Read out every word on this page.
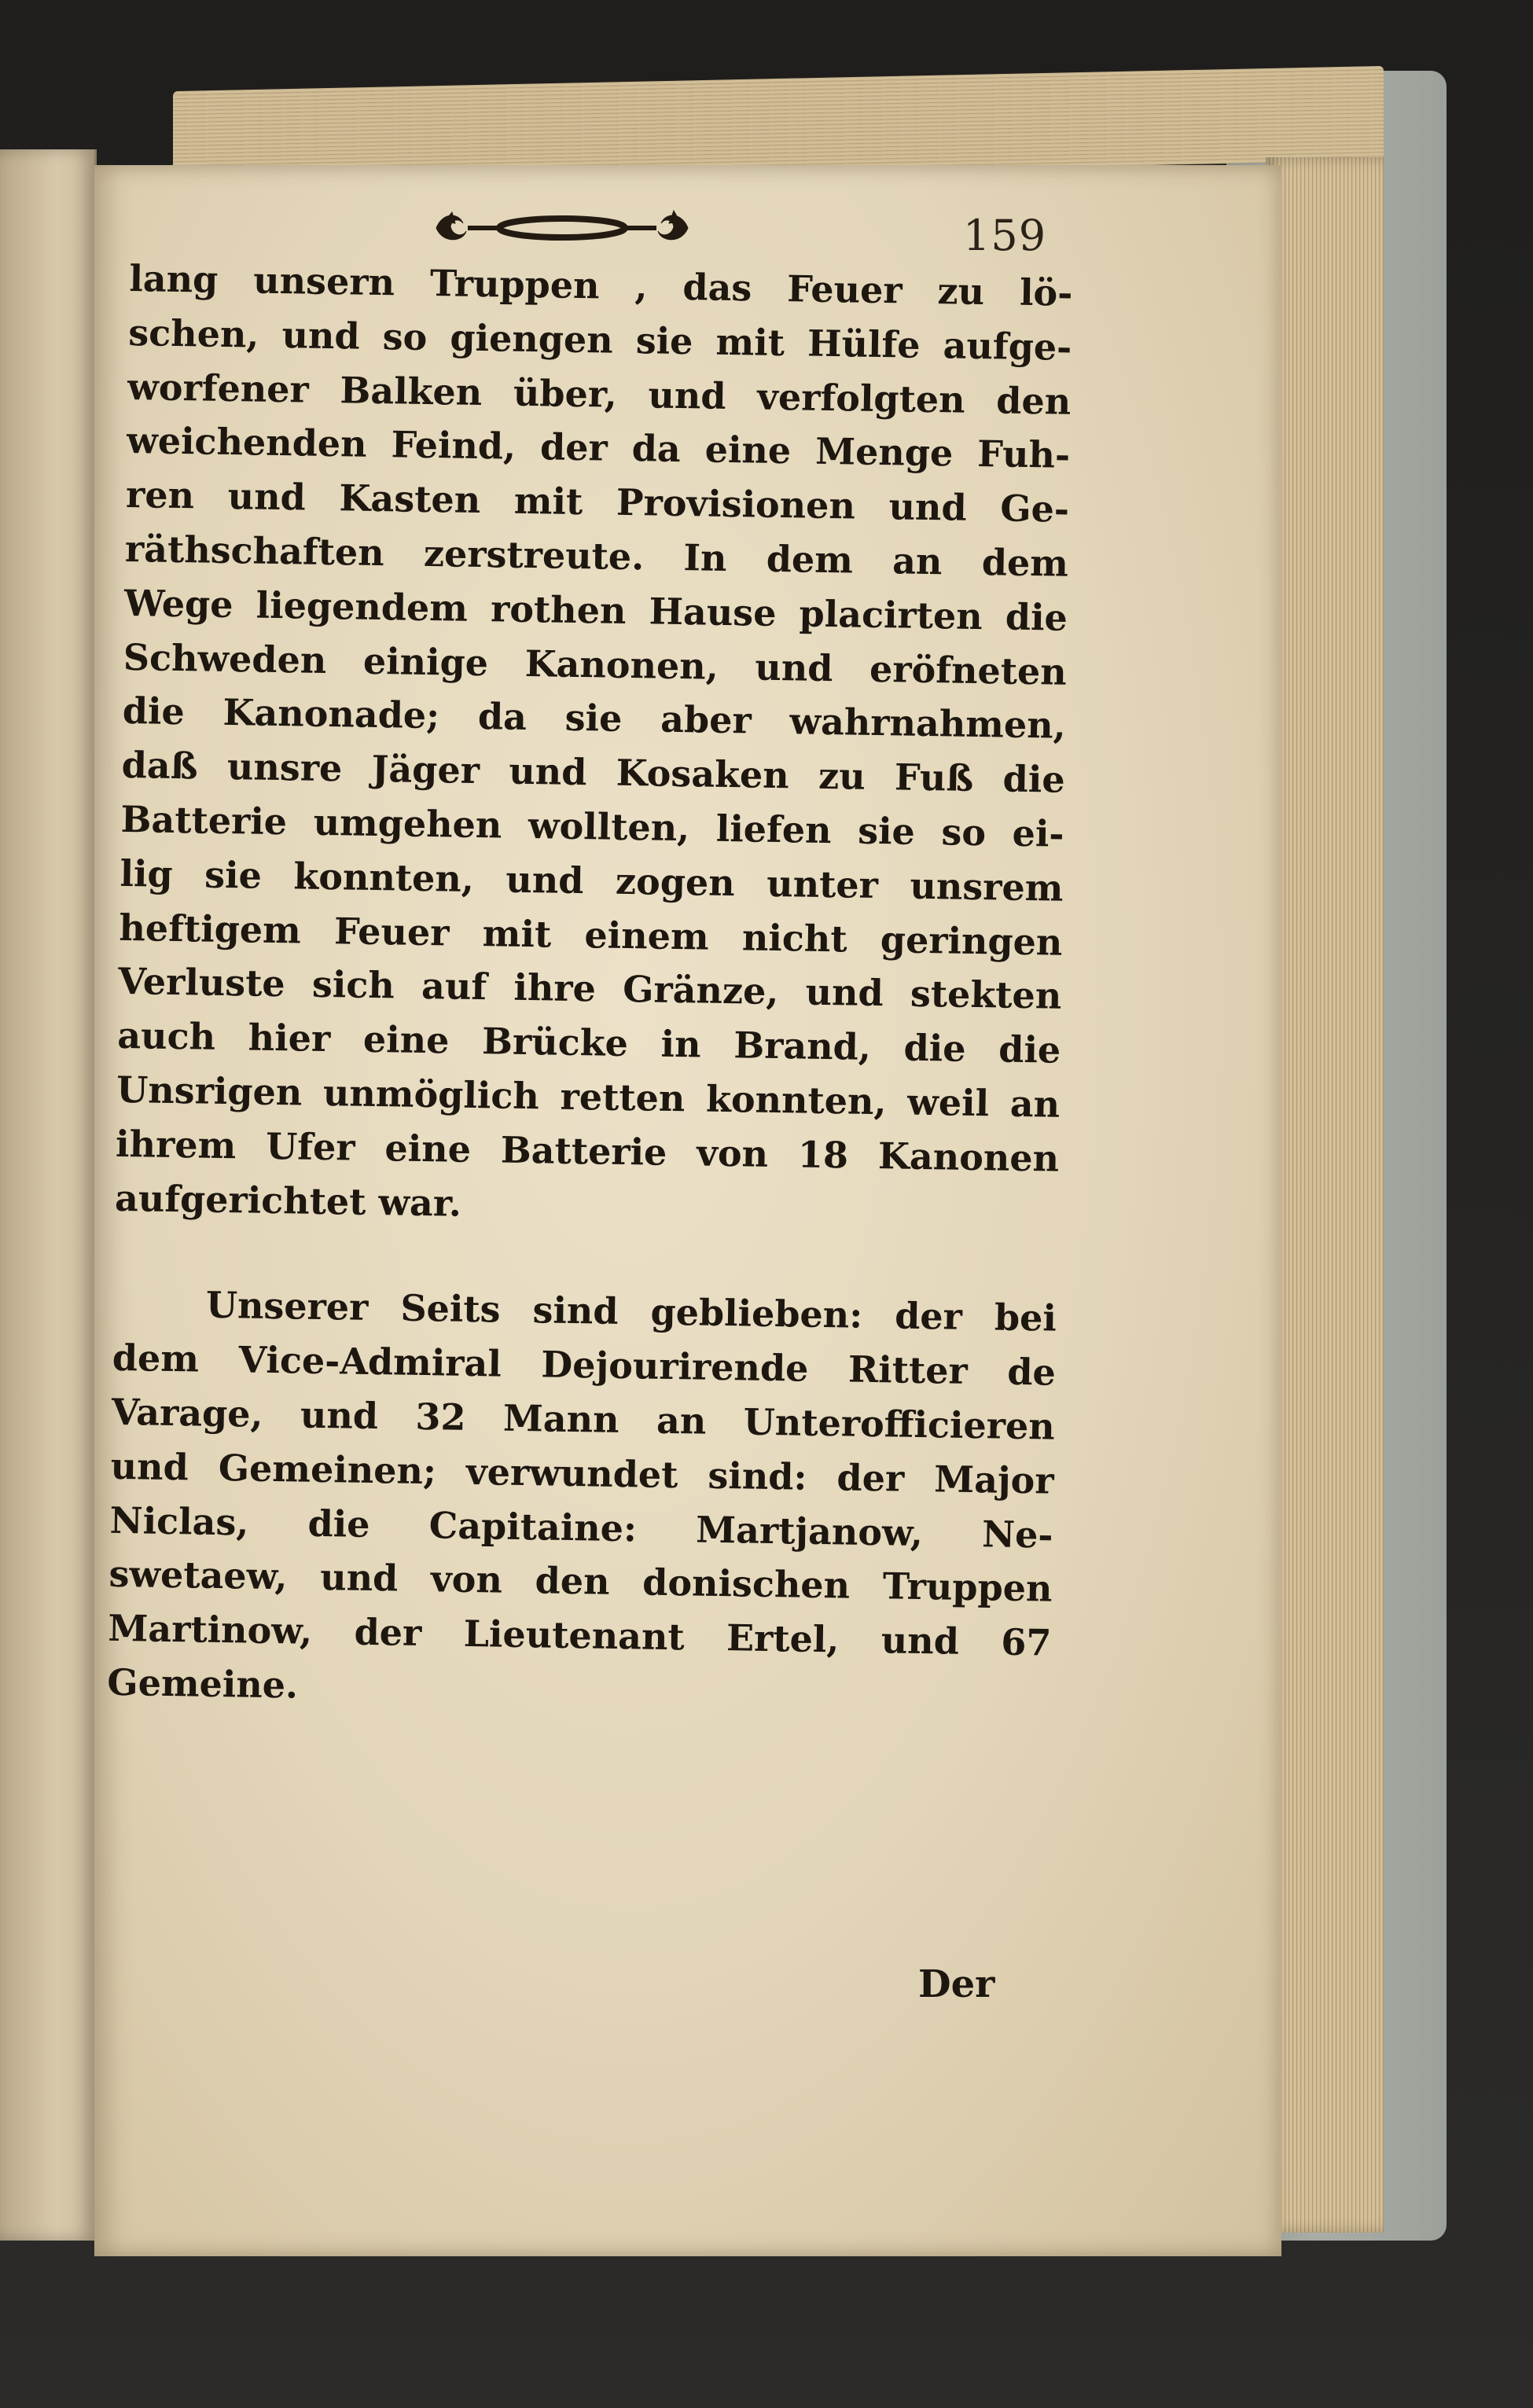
159
lang unsern Truppen , das Feuer zu lö-
schen, und so giengen sie mit Hülfe aufge-
worfener Balken über, und verfolgten den
weichenden Feind, der da eine Menge Fuh-
ren und Kasten mit Provisionen und Ge-
räthschaften zerstreute. In dem an dem
Wege liegendem rothen Hause placirten die
Schweden einige Kanonen, und eröfneten
die Kanonade; da sie aber wahrnahmen,
daß unsre Jäger und Kosaken zu Fuß die
Batterie umgehen wollten, liefen sie so ei-
lig sie konnten, und zogen unter unsrem
heftigem Feuer mit einem nicht geringen
Verluste sich auf ihre Gränze, und stekten
auch hier eine Brücke in Brand, die die
Unsrigen unmöglich retten konnten, weil an
ihrem Ufer eine Batterie von 18 Kanonen
aufgerichtet war.
Unserer Seits sind geblieben: der bei
dem Vice-Admiral Dejourirende Ritter de
Varage, und 32 Mann an Unterofficieren
und Gemeinen; verwundet sind: der Major
Niclas, die Capitaine: Martjanow, Ne-
swetaew, und von den donischen Truppen
Martinow, der Lieutenant Ertel, und 67
Gemeine.
Der
